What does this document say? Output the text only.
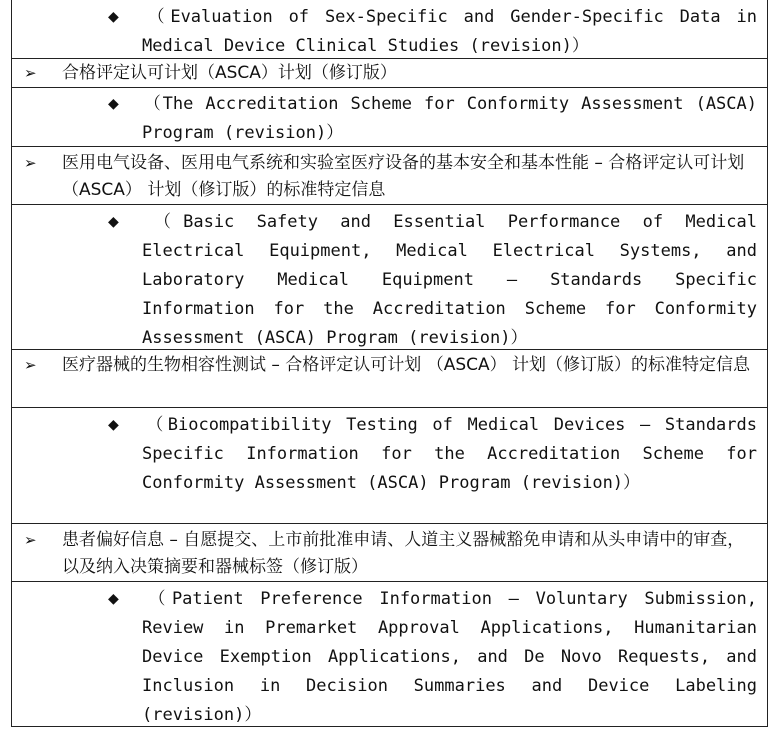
◆ （Evaluation of Sex-Specific and Gender-Specific Data in Medical Device Clinical Studies (revision)）
➢ 合格评定认可计划（ASCA）计划（修订版）
◆ （The Accreditation Scheme for Conformity Assessment (ASCA) Program (revision)）
➢ 医用电气设备、医用电气系统和实验室医疗设备的基本安全和基本性能 – 合格评定认可计划 （ASCA） 计划（修订版）的标准特定信息
◆ （Basic Safety and Essential Performance of Medical Electrical Equipment, Medical Electrical Systems, and Laboratory Medical Equipment – Standards Specific Information for the Accreditation Scheme for Conformity Assessment (ASCA) Program (revision)）
➢ 医疗器械的生物相容性测试 – 合格评定认可计划 （ASCA） 计划（修订版）的标准特定信息
◆ （Biocompatibility Testing of Medical Devices – Standards Specific Information for the Accreditation Scheme for Conformity Assessment (ASCA) Program (revision)）
➢ 患者偏好信息 – 自愿提交、上市前批准申请、人道主义器械豁免申请和从头申请中的审查，以及纳入决策摘要和器械标签（修订版）
◆ （Patient Preference Information – Voluntary Submission, Review in Premarket Approval Applications, Humanitarian Device Exemption Applications, and De Novo Requests, and Inclusion in Decision Summaries and Device Labeling (revision)）
